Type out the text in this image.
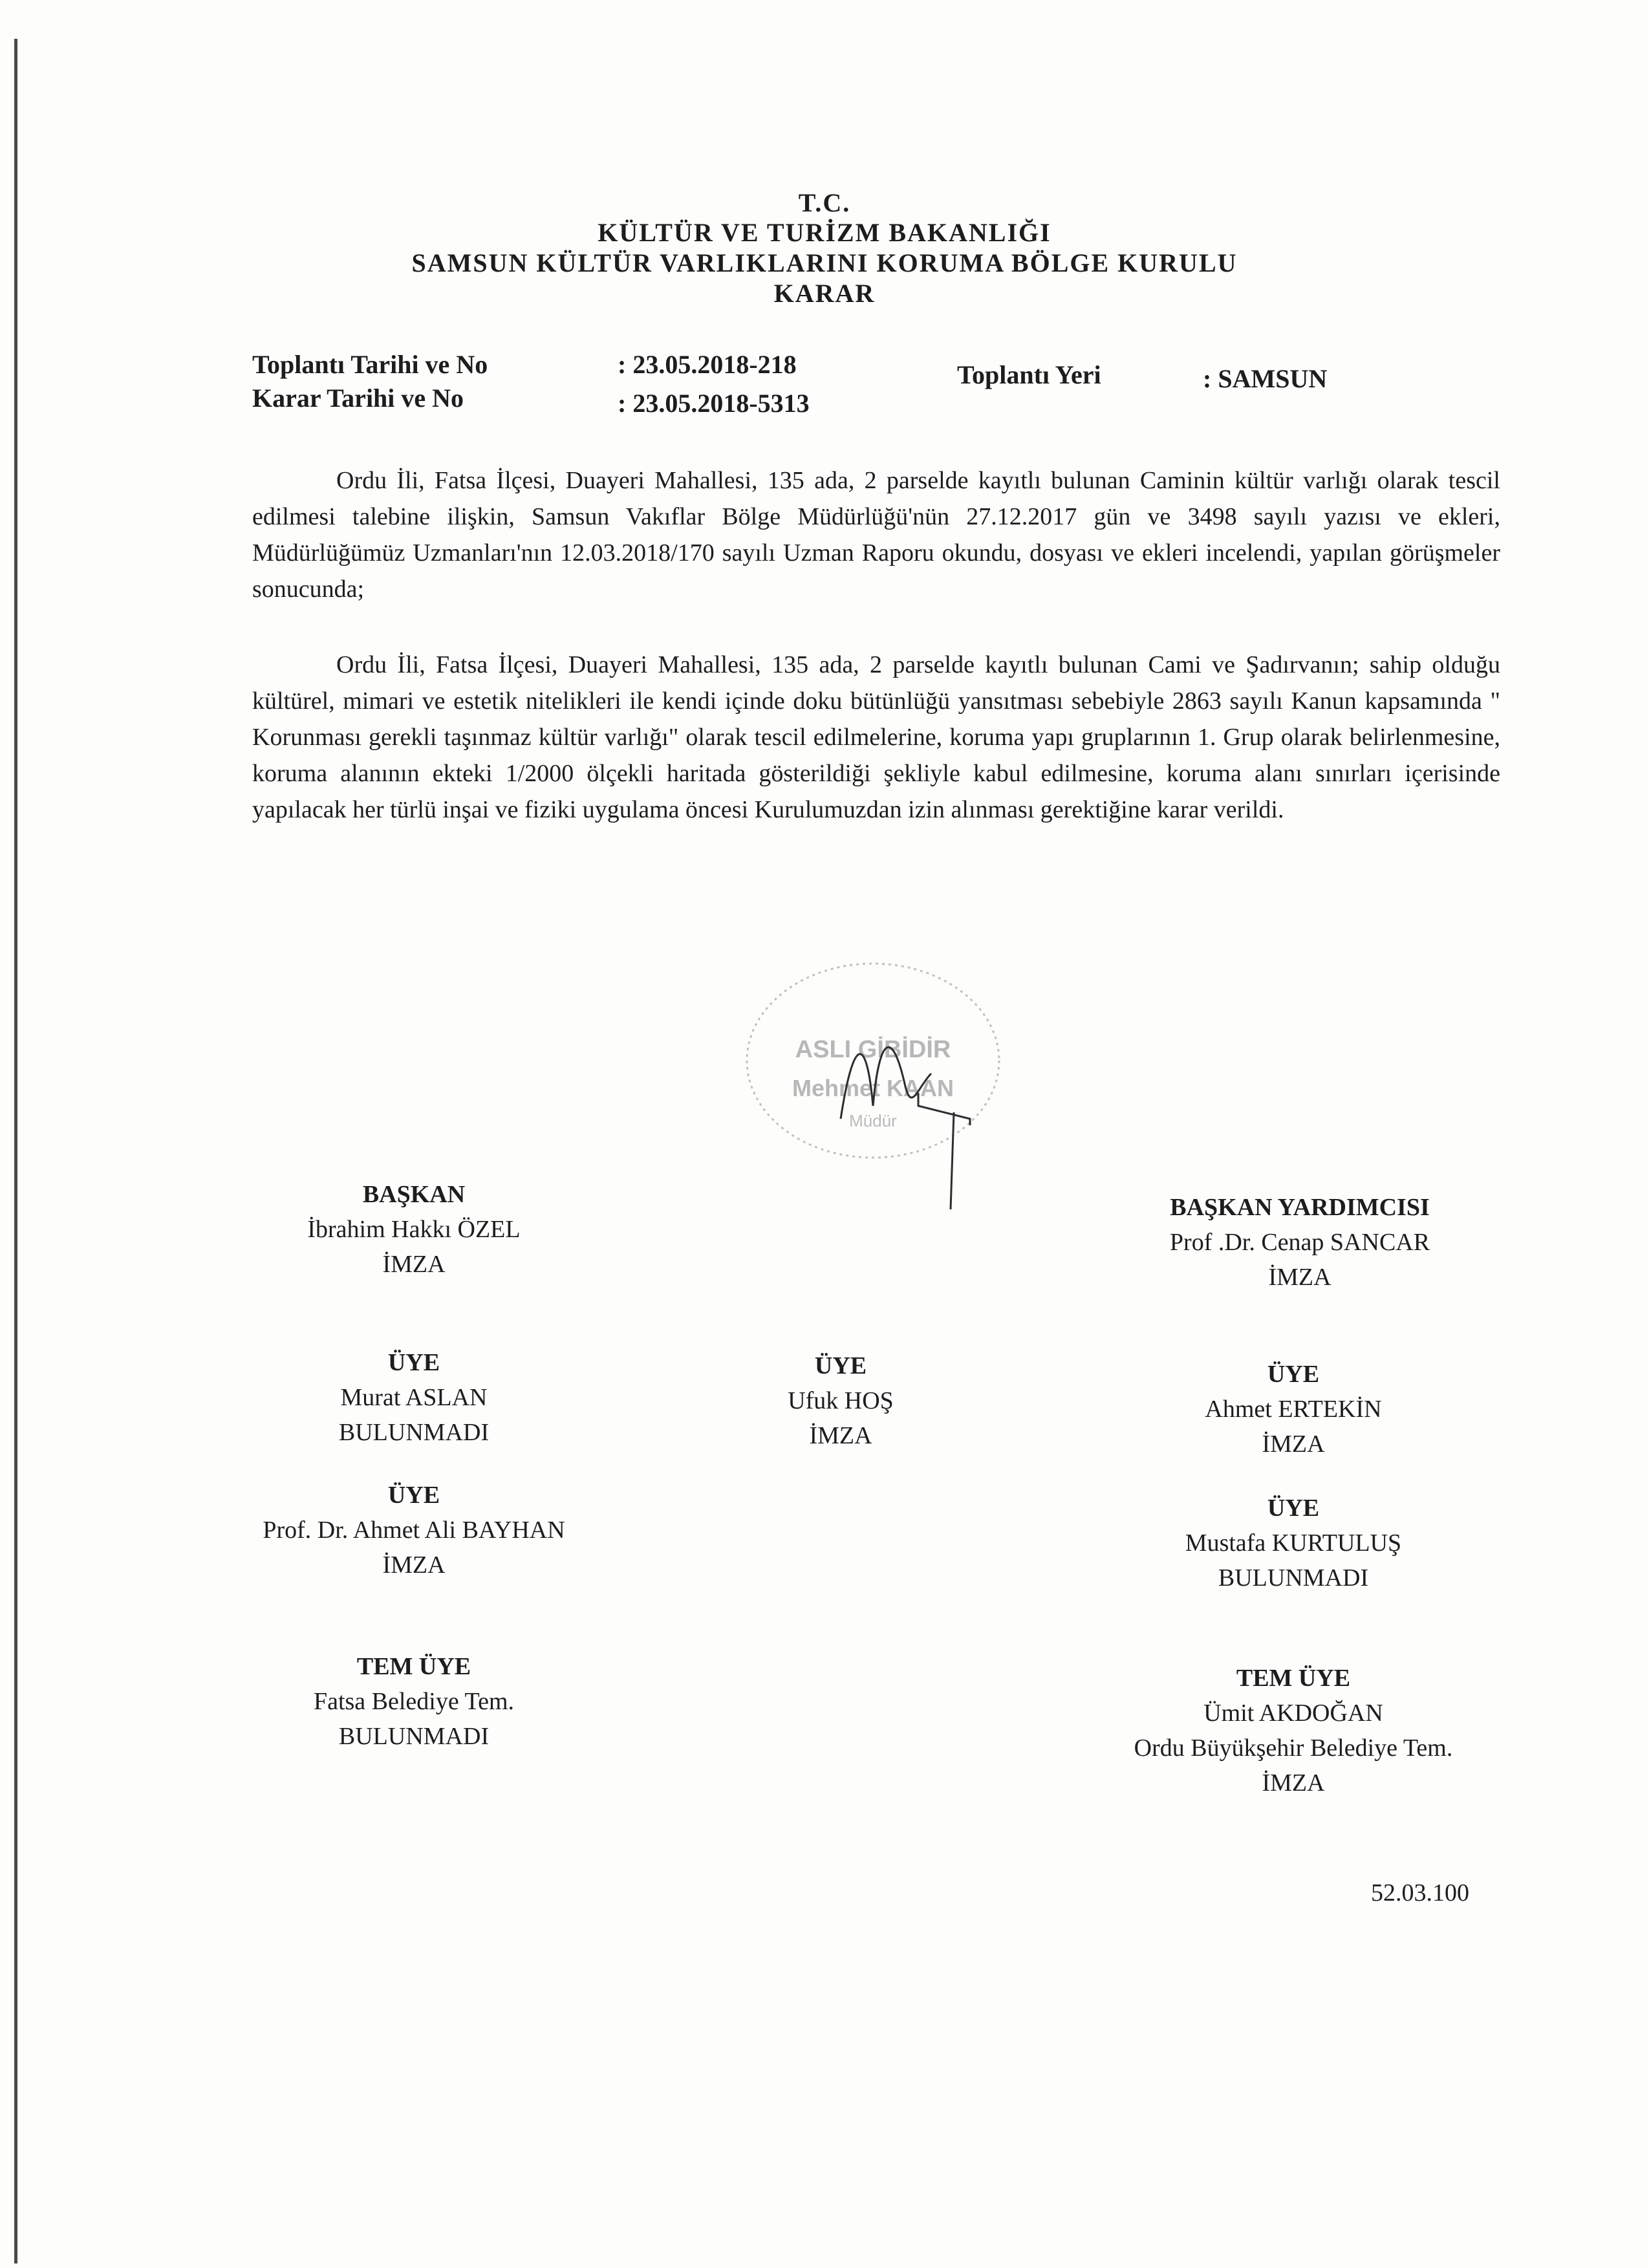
T.C.
KÜLTÜR VE TURİZM BAKANLIĞI
SAMSUN KÜLTÜR VARLIKLARINI KORUMA BÖLGE KURULU
KARAR
Toplantı Tarihi ve No	: 23.05.2018-218
Karar Tarihi ve No	: 23.05.2018-5313
Toplantı Yeri	: SAMSUN
Ordu İli, Fatsa İlçesi, Duayeri Mahallesi, 135 ada, 2 parselde kayıtlı bulunan Caminin kültür varlığı olarak tescil edilmesi talebine ilişkin, Samsun Vakıflar Bölge Müdürlüğü'nün 27.12.2017 gün ve 3498 sayılı yazısı ve ekleri, Müdürlüğümüz Uzmanları'nın 12.03.2018/170 sayılı Uzman Raporu okundu, dosyası ve ekleri incelendi, yapılan görüşmeler sonucunda;
Ordu İli, Fatsa İlçesi, Duayeri Mahallesi, 135 ada, 2 parselde kayıtlı bulunan Cami ve Şadırvanın; sahip olduğu kültürel, mimari ve estetik nitelikleri ile kendi içinde doku bütünlüğü yansıtması sebebiyle 2863 sayılı Kanun kapsamında " Korunması gerekli taşınmaz kültür varlığı" olarak tescil edilmelerine, koruma yapı gruplarının 1. Grup olarak belirlenmesine, koruma alanının ekteki 1/2000 ölçekli haritada gösterildiği şekliyle kabul edilmesine, koruma alanı sınırları içerisinde yapılacak her türlü inşai ve fiziki uygulama öncesi Kurulumuzdan izin alınması gerektiğine karar verildi.
ASLI GİBİDİR
Mehmet KAAN
Müdür
BAŞKAN
İbrahim Hakkı ÖZEL
İMZA
BAŞKAN YARDIMCISI
Prof .Dr. Cenap SANCAR
İMZA
ÜYE
Murat ASLAN
BULUNMADI
ÜYE
Ufuk HOŞ
İMZA
ÜYE
Ahmet ERTEKİN
İMZA
ÜYE
Prof. Dr. Ahmet Ali BAYHAN
İMZA
ÜYE
Mustafa KURTULUŞ
BULUNMADI
TEM ÜYE
Fatsa Belediye Tem.
BULUNMADI
TEM ÜYE
Ümit AKDOĞAN
Ordu Büyükşehir Belediye Tem.
İMZA
52.03.100
